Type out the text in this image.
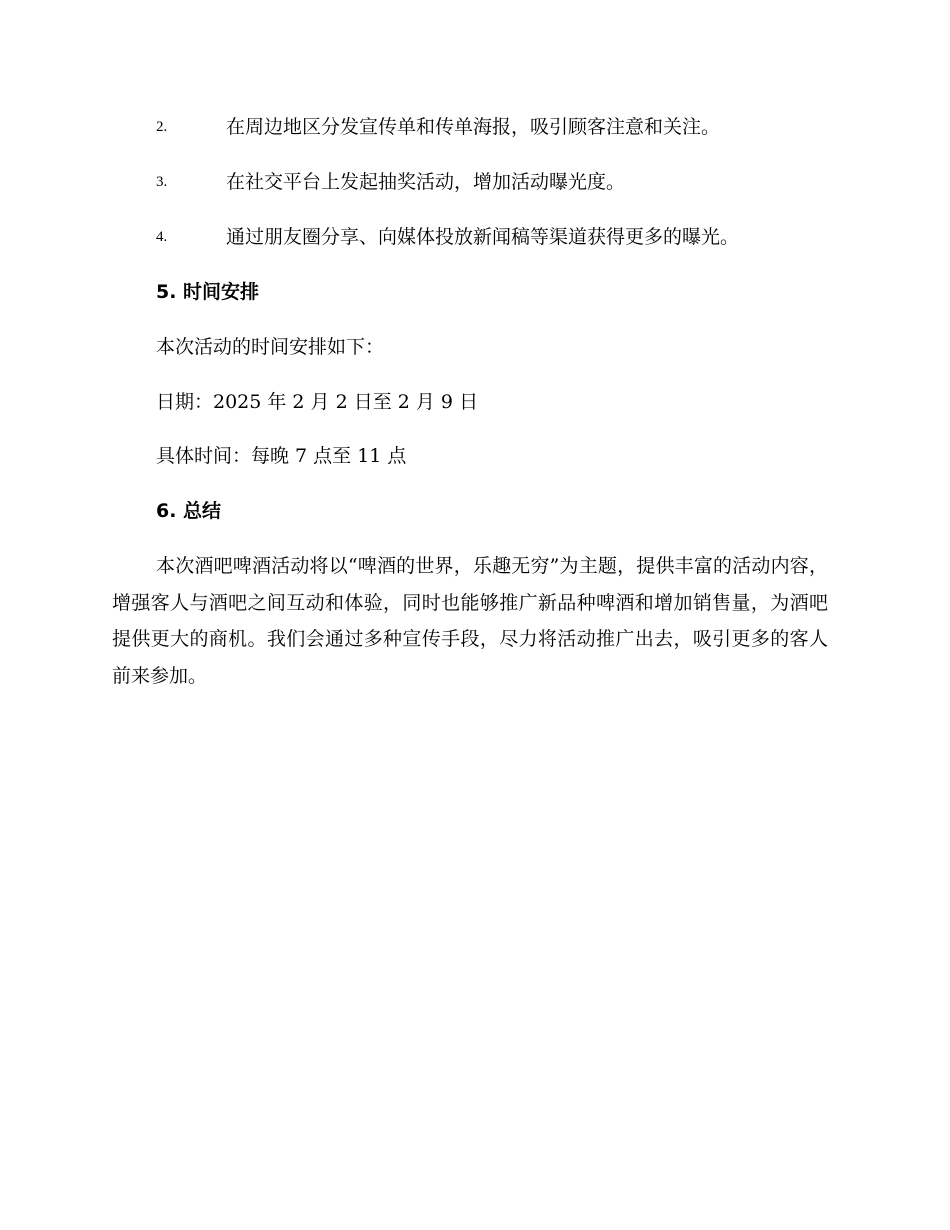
2.	在周边地区分发宣传单和传单海报，吸引顾客注意和关注。
3.	在社交平台上发起抽奖活动，增加活动曝光度。
4.	通过朋友圈分享、向媒体投放新闻稿等渠道获得更多的曝光。
5. 时间安排
本次活动的时间安排如下：
日期：2025 年 2 月 2 日至 2 月 9 日
具体时间：每晚 7 点至 11 点
6. 总结

本次酒吧啤酒活动将以“啤酒的世界，乐趣无穷”为主题，提供丰富的活动内容，增强客人与酒吧之间互动和体验，同时也能够推广新品种啤酒和增加销售量，为酒吧提供更大的商机。我们会通过多种宣传手段，尽力将活动推广出去，吸引更多的客人前来参加。
